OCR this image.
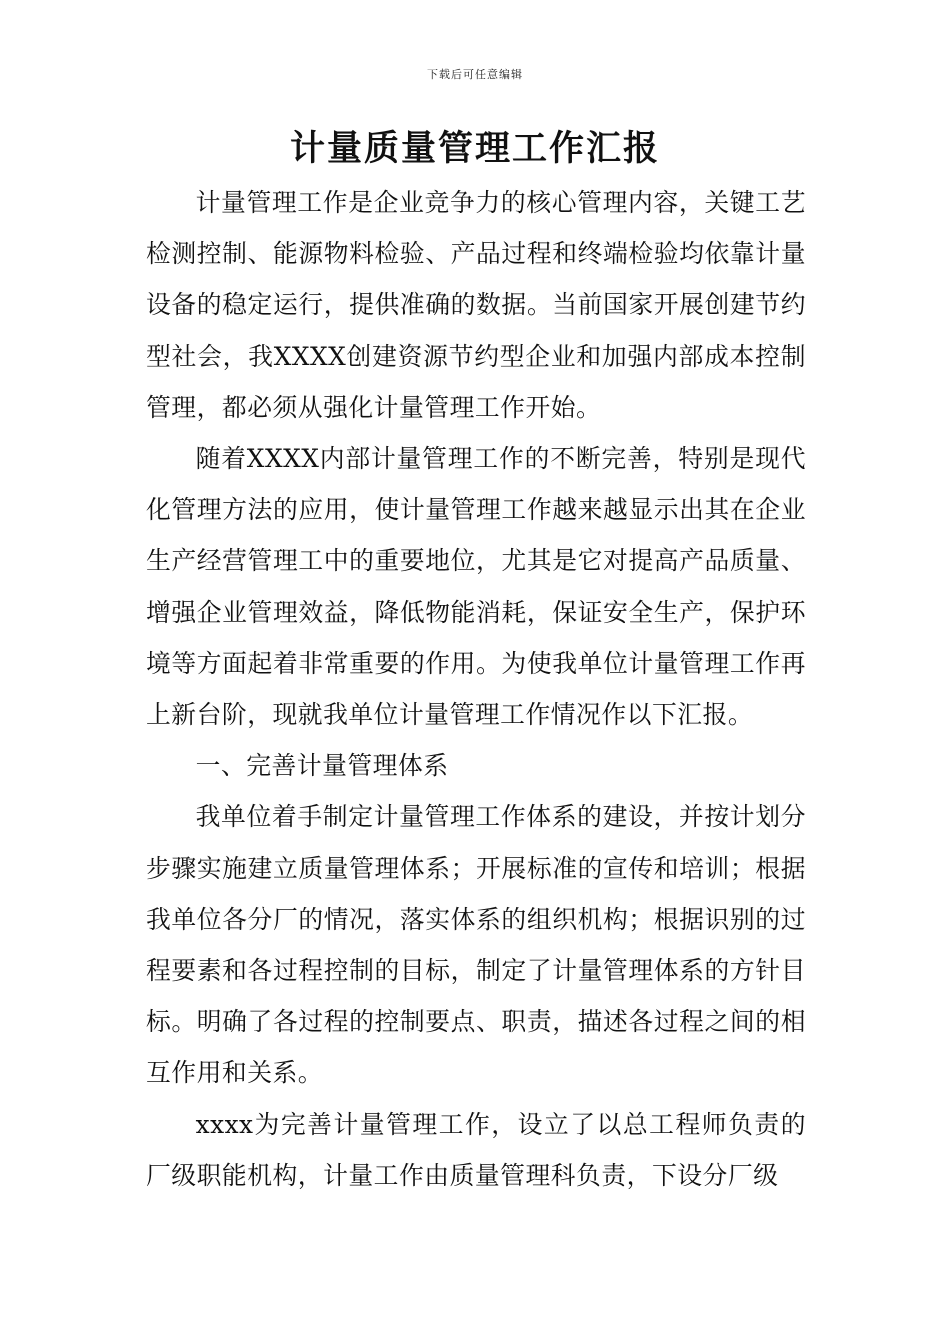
下载后可任意编辑
计量质量管理工作汇报

计量管理工作是企业竞争力的核心管理内容，关键工艺检测控制、能源物料检验、产品过程和终端检验均依靠计量设备的稳定运行，提供准确的数据。当前国家开展创建节约型社会，我XXXX创建资源节约型企业和加强内部成本控制管理，都必须从强化计量管理工作开始。

随着XXXX内部计量管理工作的不断完善，特别是现代化管理方法的应用，使计量管理工作越来越显示出其在企业生产经营管理工中的重要地位，尤其是它对提高产品质量、增强企业管理效益，降低物能消耗，保证安全生产，保护环境等方面起着非常重要的作用。为使我单位计量管理工作再上新台阶，现就我单位计量管理工作情况作以下汇报。

一、完善计量管理体系

我单位着手制定计量管理工作体系的建设，并按计划分步骤实施建立质量管理体系；开展标准的宣传和培训；根据我单位各分厂的情况，落实体系的组织机构；根据识别的过程要素和各过程控制的目标，制定了计量管理体系的方针目标。明确了各过程的控制要点、职责，描述各过程之间的相互作用和关系。

xxxx为完善计量管理工作，设立了以总工程师负责的厂级职能机构，计量工作由质量管理科负责，下设分厂级
